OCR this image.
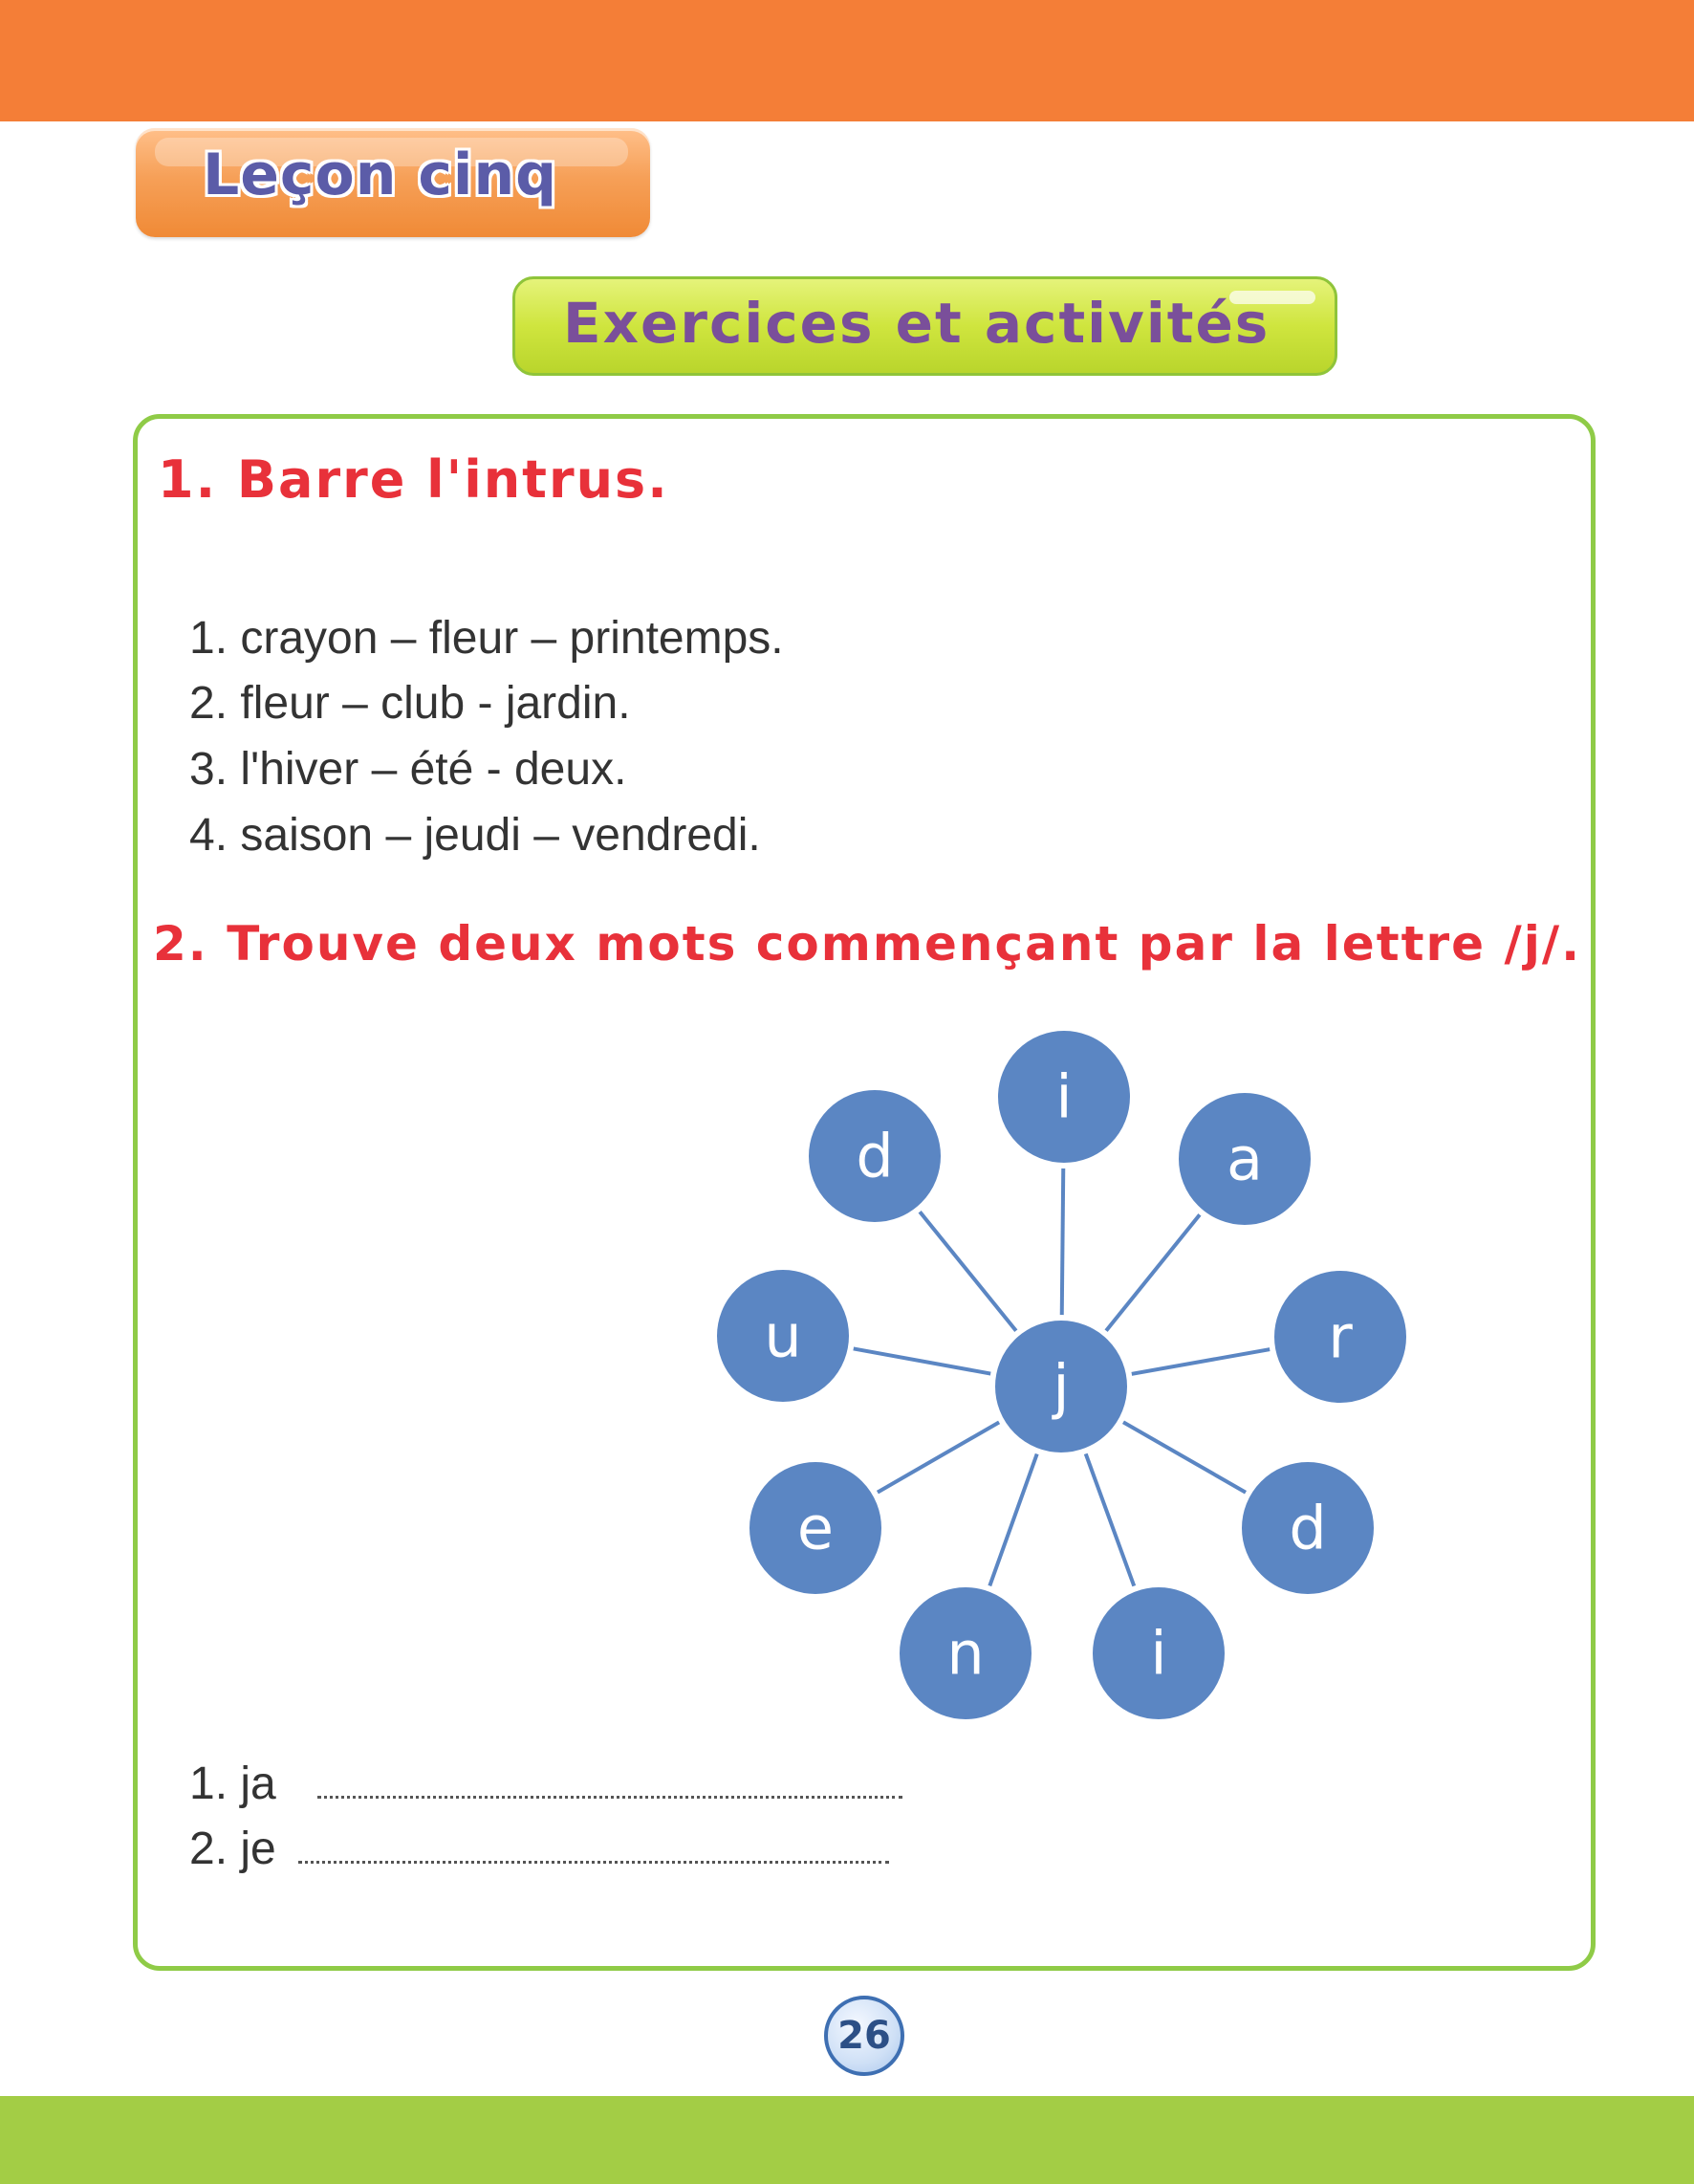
Leçon cinq
Exercices et activités
1. Barre l'intrus.
1. crayon – fleur – printemps.
2. fleur – club - jardin.
3. l'hiver – été - deux.
4. saison – jeudi – vendredi.
2. Trouve deux mots commençant par la lettre /j/.
i
a
r
d
i
n
e
u
d
j
1. ja
2. je
26
